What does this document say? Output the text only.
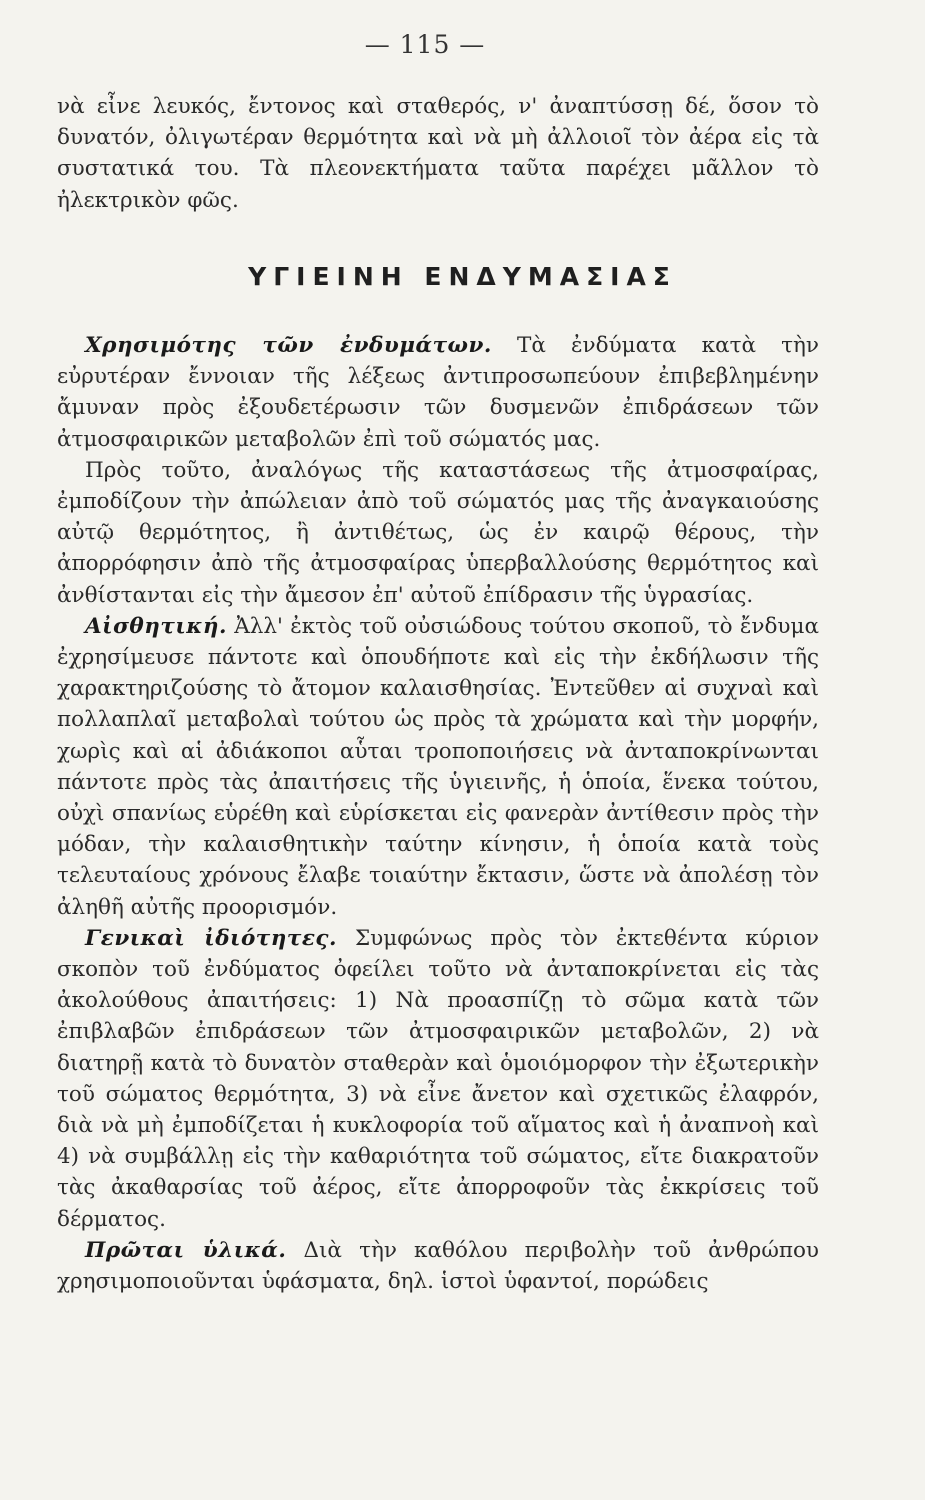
— 115 —

νὰ εἶνε λευκός, ἔντονος καὶ σταθερός, ν' ἀναπτύσσῃ δέ, ὅσον τὸ δυνατόν, ὀλιγωτέραν θερμότητα καὶ νὰ μὴ ἀλλοιοῖ τὸν ἀέρα εἰς τὰ συστατικά του. Τὰ πλεονεκτήματα ταῦτα παρέχει μᾶλλον τὸ ἠλεκτρικὸν φῶς.

ΥΓΙΕΙΝΗ ΕΝΔΥΜΑΣΙΑΣ

Χρησιμότης τῶν ἐνδυμάτων. Τὰ ἐνδύματα κατὰ τὴν εὐρυτέραν ἔννοιαν τῆς λέξεως ἀντιπροσωπεύουν ἐπιβεβλημένην ἄμυναν πρὸς ἐξουδετέρωσιν τῶν δυσμενῶν ἐπιδράσεων τῶν ἀτμοσφαιρικῶν μεταβολῶν ἐπὶ τοῦ σώματός μας.

Πρὸς τοῦτο, ἀναλόγως τῆς καταστάσεως τῆς ἀτμοσφαίρας, ἐμποδίζουν τὴν ἀπώλειαν ἀπὸ τοῦ σώματός μας τῆς ἀναγκαιούσης αὐτῷ θερμότητος, ἢ ἀντιθέτως, ὡς ἐν καιρῷ θέρους, τὴν ἀπορρόφησιν ἀπὸ τῆς ἀτμοσφαίρας ὑπερβαλλούσης θερμότητος καὶ ἀνθίστανται εἰς τὴν ἄμεσον ἐπ' αὐτοῦ ἐπίδρασιν τῆς ὑγρασίας.

Αἰσθητική. Ἀλλ' ἐκτὸς τοῦ οὐσιώδους τούτου σκοποῦ, τὸ ἔνδυμα ἐχρησίμευσε πάντοτε καὶ ὁπουδήποτε καὶ εἰς τὴν ἐκδήλωσιν τῆς χαρακτηριζούσης τὸ ἄτομον καλαισθησίας. Ἐντεῦθεν αἱ συχναὶ καὶ πολλαπλαῖ μεταβολαὶ τούτου ὡς πρὸς τὰ χρώματα καὶ τὴν μορφήν, χωρὶς καὶ αἱ ἀδιάκοποι αὗται τροποποιήσεις νὰ ἀνταποκρίνωνται πάντοτε πρὸς τὰς ἀπαιτήσεις τῆς ὑγιεινῆς, ἡ ὁποία, ἕνεκα τούτου, οὐχὶ σπανίως εὑρέθη καὶ εὑρίσκεται εἰς φανερὰν ἀντίθεσιν πρὸς τὴν μόδαν, τὴν καλαισθητικὴν ταύτην κίνησιν, ἡ ὁποία κατὰ τοὺς τελευταίους χρόνους ἔλαβε τοιαύτην ἔκτασιν, ὥστε νὰ ἀπολέσῃ τὸν ἀληθῆ αὐτῆς προορισμόν.

Γενικαὶ ἰδιότητες. Συμφώνως πρὸς τὸν ἐκτεθέντα κύριον σκοπὸν τοῦ ἐνδύματος ὀφείλει τοῦτο νὰ ἀνταποκρίνεται εἰς τὰς ἀκολούθους ἀπαιτήσεις: 1) Νὰ προασπίζῃ τὸ σῶμα κατὰ τῶν ἐπιβλαβῶν ἐπιδράσεων τῶν ἀτμοσφαιρικῶν μεταβολῶν, 2) νὰ διατηρῇ κατὰ τὸ δυνατὸν σταθερὰν καὶ ὁμοιόμορφον τὴν ἐξωτερικὴν τοῦ σώματος θερμότητα, 3) νὰ εἶνε ἄνετον καὶ σχετικῶς ἐλαφρόν, διὰ νὰ μὴ ἐμποδίζεται ἡ κυκλοφορία τοῦ αἵματος καὶ ἡ ἀναπνοὴ καὶ 4) νὰ συμβάλλῃ εἰς τὴν καθαριότητα τοῦ σώματος, εἴτε διακρατοῦν τὰς ἀκαθαρσίας τοῦ ἀέρος, εἴτε ἀπορροφοῦν τὰς ἐκκρίσεις τοῦ δέρματος.

Πρῶται ὑλικά. Διὰ τὴν καθόλου περιβολὴν τοῦ ἀνθρώπου χρησιμοποιοῦνται ὑφάσματα, δηλ. ἱστοὶ ὑφαντοί, πορώδεις
